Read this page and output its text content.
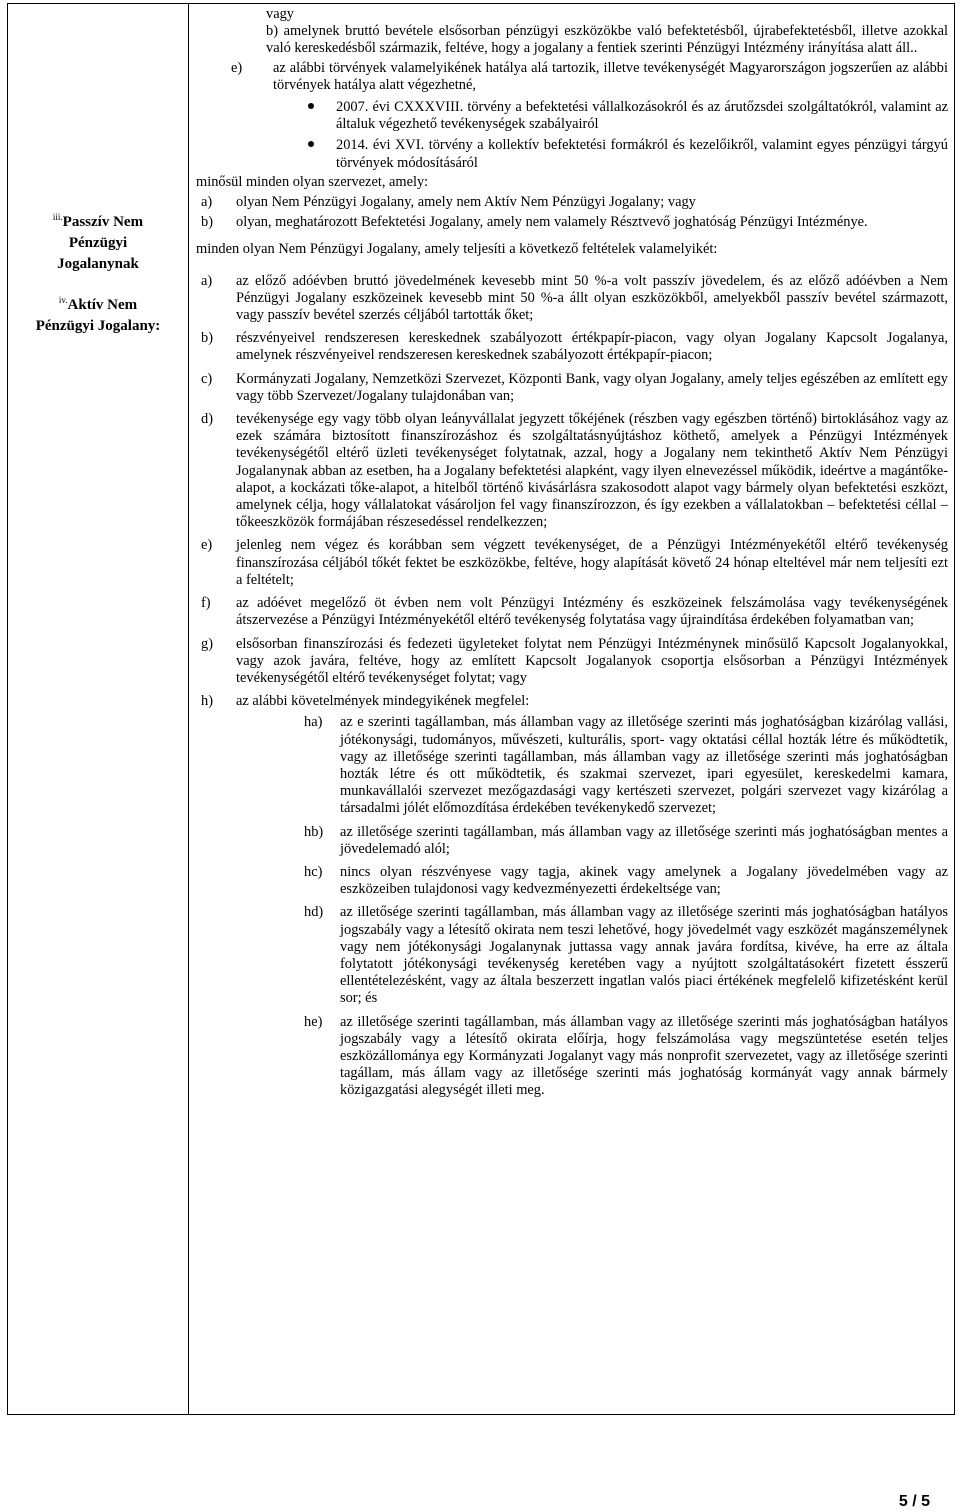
$^{iii.}$Passzív Nem
Pénzügyi
Jogalanynak
$^{iv.}$Aktív Nem
Pénzügyi Jogalany:
vagy
b) amelynek bruttó bevétele elsősorban pénzügyi eszközökbe való befektetésből, újrabefektetésből, illetve azokkal való kereskedésből származik, feltéve, hogy a jogalany a fentiek szerinti Pénzügyi Intézmény irányítása alatt áll..
e)	az alábbi törvények valamelyikének hatálya alá tartozik, illetve tevékenységét Magyarországon jogszerűen az alábbi törvények hatálya alatt végezhetné,
2007. évi CXXXVIII. törvény a befektetési vállalkozásokról és az árutőzsdei szolgáltatókról, valamint az általuk végezhető tevékenységek szabályairól
2014. évi XVI. törvény a kollektív befektetési formákról és kezelőikről, valamint egyes pénzügyi tárgyú törvények módosításáról
minősül minden olyan szervezet, amely:
a)	olyan Nem Pénzügyi Jogalany, amely nem Aktív Nem Pénzügyi Jogalany; vagy
b)	olyan, meghatározott Befektetési Jogalany, amely nem valamely Résztvevő joghatóság Pénzügyi Intézménye.
minden olyan Nem Pénzügyi Jogalany, amely teljesíti a következő feltételek valamelyikét:
a)	az előző adóévben bruttó jövedelmének kevesebb mint 50 %-a volt passzív jövedelem, és az előző adóévben a Nem Pénzügyi Jogalany eszközeinek kevesebb mint 50 %-a állt olyan eszközökből, amelyekből passzív bevétel származott, vagy passzív bevétel szerzés céljából tartották őket;
b)	részvényeivel rendszeresen kereskednek szabályozott értékpapír-piacon, vagy olyan Jogalany Kapcsolt Jogalanya, amelynek részvényeivel rendszeresen kereskednek szabályozott értékpapír-piacon;
c)	Kormányzati Jogalany, Nemzetközi Szervezet, Központi Bank, vagy olyan Jogalany, amely teljes egészében az említett egy vagy több Szervezet/Jogalany tulajdonában van;
d)	tevékenysége egy vagy több olyan leányvállalat jegyzett tőkéjének (részben vagy egészben történő) birtoklásához vagy az ezek számára biztosított finanszírozáshoz és szolgáltatásnyújtáshoz köthető, amelyek a Pénzügyi Intézmények tevékenységétől eltérő üzleti tevékenységet folytatnak, azzal, hogy a Jogalany nem tekinthető Aktív Nem Pénzügyi Jogalanynak abban az esetben, ha a Jogalany befektetési alapként, vagy ilyen elnevezéssel működik, ideértve a magántőke-alapot, a kockázati tőke-alapot, a hitelből történő kivásárlásra szakosodott alapot vagy bármely olyan befektetési eszközt, amelynek célja, hogy vállalatokat vásároljon fel vagy finanszírozzon, és így ezekben a vállalatokban – befektetési céllal – tőkeeszközök formájában részesedéssel rendelkezzen;
e)	jelenleg nem végez és korábban sem végzett tevékenységet, de a Pénzügyi Intézményekétől eltérő tevékenység finanszírozása céljából tőkét fektet be eszközökbe, feltéve, hogy alapítását követő 24 hónap elteltével már nem teljesíti ezt a feltételt;
f)	az adóévet megelőző öt évben nem volt Pénzügyi Intézmény és eszközeinek felszámolása vagy tevékenységének átszervezése a Pénzügyi Intézményekétől eltérő tevékenység folytatása vagy újraindítása érdekében folyamatban van;
g)	elsősorban finanszírozási és fedezeti ügyleteket folytat nem Pénzügyi Intézménynek minősülő Kapcsolt Jogalanyokkal, vagy azok javára, feltéve, hogy az említett Kapcsolt Jogalanyok csoportja elsősorban a Pénzügyi Intézmények tevékenységétől eltérő tevékenységet folytat; vagy
h)	az alábbi követelmények mindegyikének megfelel:
ha)	az e szerinti tagállamban, más államban vagy az illetősége szerinti más joghatóságban kizárólag vallási, jótékonysági, tudományos, művészeti, kulturális, sport- vagy oktatási céllal hozták létre és működtetik, vagy az illetősége szerinti tagállamban, más államban vagy az illetősége szerinti más joghatóságban hozták létre és ott működtetik, és szakmai szervezet, ipari egyesület, kereskedelmi kamara, munkavállalói szervezet mezőgazdasági vagy kertészeti szervezet, polgári szervezet vagy kizárólag a társadalmi jólét előmozdítása érdekében tevékenykedő szervezet;
hb)	az illetősége szerinti tagállamban, más államban vagy az illetősége szerinti más joghatóságban mentes a jövedelemadó alól;
hc)	nincs olyan részvényese vagy tagja, akinek vagy amelynek a Jogalany jövedelmében vagy az eszközeiben tulajdonosi vagy kedvezményezetti érdekeltsége van;
hd)	az illetősége szerinti tagállamban, más államban vagy az illetősége szerinti más joghatóságban hatályos jogszabály vagy a létesítő okirata nem teszi lehetővé, hogy jövedelmét vagy eszközét magánszemélynek vagy nem jótékonysági Jogalanynak juttassa vagy annak javára fordítsa, kivéve, ha erre az általa folytatott jótékonysági tevékenység keretében vagy a nyújtott szolgáltatásokért fizetett ésszerű ellentételezésként, vagy az általa beszerzett ingatlan valós piaci értékének megfelelő kifizetésként kerül sor; és
he)	az illetősége szerinti tagállamban, más államban vagy az illetősége szerinti más joghatóságban hatályos jogszabály vagy a létesítő okirata előírja, hogy felszámolása vagy megszüntetése esetén teljes eszközállománya egy Kormányzati Jogalanyt vagy más nonprofit szervezetet, vagy az illetősége szerinti tagállam, más állam vagy az illetősége szerinti más joghatóság kormányát vagy annak bármely közigazgatási alegységét illeti meg.
5 / 5
